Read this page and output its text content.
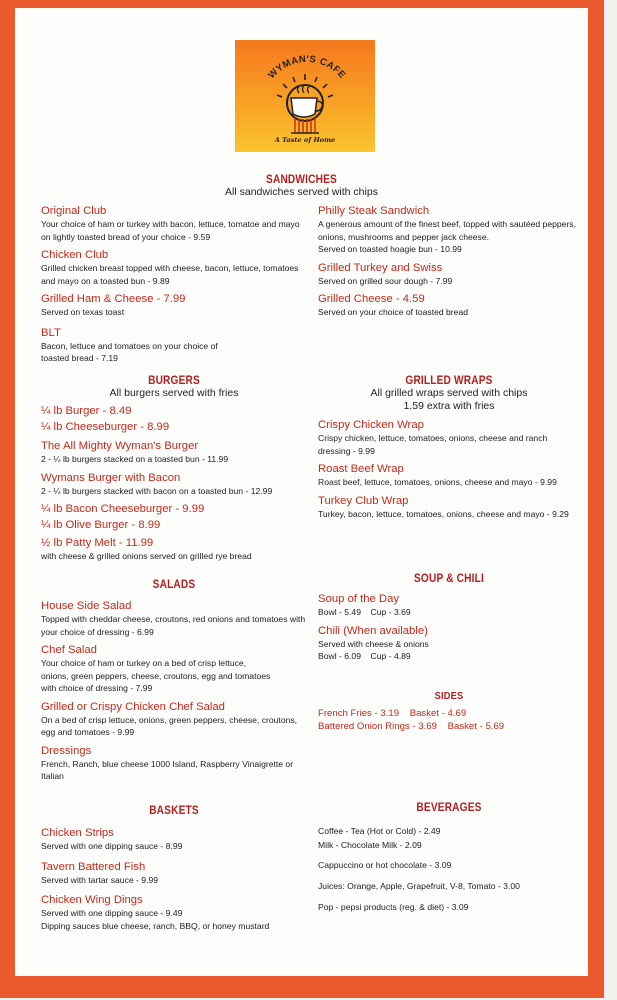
WYMAN'S CAFE
A Taste of Home
SANDWICHES
All sandwiches served with chips
Original Club
Your choice of ham or turkey with bacon, lettuce, tomatoe and mayo on lightly toasted bread of your choice - 9.59
Chicken Club
Grilled chicken breast topped with cheese, bacon, lettuce, tomatoes and mayo on a toasted bun - 9.89
Grilled Ham & Cheese - 7.99
Served on texas toast
BLT
Bacon, lettuce and tomatoes on your choice of toasted bread - 7.19
Philly Steak Sandwich
A generous amount of the finest beef, topped with sautéed peppers, onions, mushrooms and pepper jack cheese.
Served on toasted hoagie bun - 10.99
Grilled Turkey and Swiss
Served on grilled sour dough - 7.99
Grilled Cheese - 4.59
Served on your choice of toasted bread
BURGERS
All burgers served with fries
¼ lb Burger - 8.49
¼ lb Cheeseburger - 8.99
The All Mighty Wyman's Burger
2 - ¼ lb burgers stacked on a toasted bun - 11.99
Wymans Burger with Bacon
2 - ¼ lb burgers stacked with bacon on a toasted bun - 12.99
¼ lb Bacon Cheeseburger - 9.99
¼ lb Olive Burger - 8.99
½ lb Patty Melt - 11.99
with cheese & grilled onions served on grilled rye bread
GRILLED WRAPS
All grilled wraps served with chips
1.59 extra with fries
Crispy Chicken Wrap
Crispy chicken, lettuce, tomatoes, onions, cheese and ranch dressing - 9.99
Roast Beef Wrap
Roast beef, lettuce, tomatoes, onions, cheese and mayo - 9.99
Turkey Club Wrap
Turkey, bacon, lettuce, tomatoes, onions, cheese and mayo - 9.29
SALADS
House Side Salad
Topped with cheddar cheese, croutons, red onions and tomatoes with your choice of dressing - 6.99
Chef Salad
Your choice of ham or turkey on a bed of crisp lettuce, onions, green peppers, cheese, croutons, egg and tomatoes with choice of dressing - 7.99
Grilled or Crispy Chicken Chef Salad
On a bed of crisp lettuce, onions, green peppers, cheese, croutons, egg and tomatoes - 9.99
Dressings
French, Ranch, blue cheese 1000 Island, Raspberry Vinaigrette or Italian
SOUP & CHILI
Soup of the Day
Bowl - 5.49    Cup - 3.69
Chili (When available)
Served with cheese & onions
Bowl - 6.09    Cup - 4.89
SIDES
French Fries - 3.19    Basket - 4.69
Battered Onion Rings - 3.69    Basket - 5.69
BASKETS
Chicken Strips
Served with one dipping sauce - 8.99
Tavern Battered Fish
Served with tartar sauce - 9.99
Chicken Wing Dings
Served with one dipping sauce - 9.49
Dipping sauces blue cheese, ranch, BBQ, or honey mustard
BEVERAGES
Coffee - Tea (Hot or Cold) - 2.49
Milk - Chocolate Milk - 2.09
Cappuccino or hot chocolate - 3.09
Juices: Orange, Apple, Grapefruit, V-8, Tomato - 3.00
Pop - pepsi products (reg. & diet) - 3.09
